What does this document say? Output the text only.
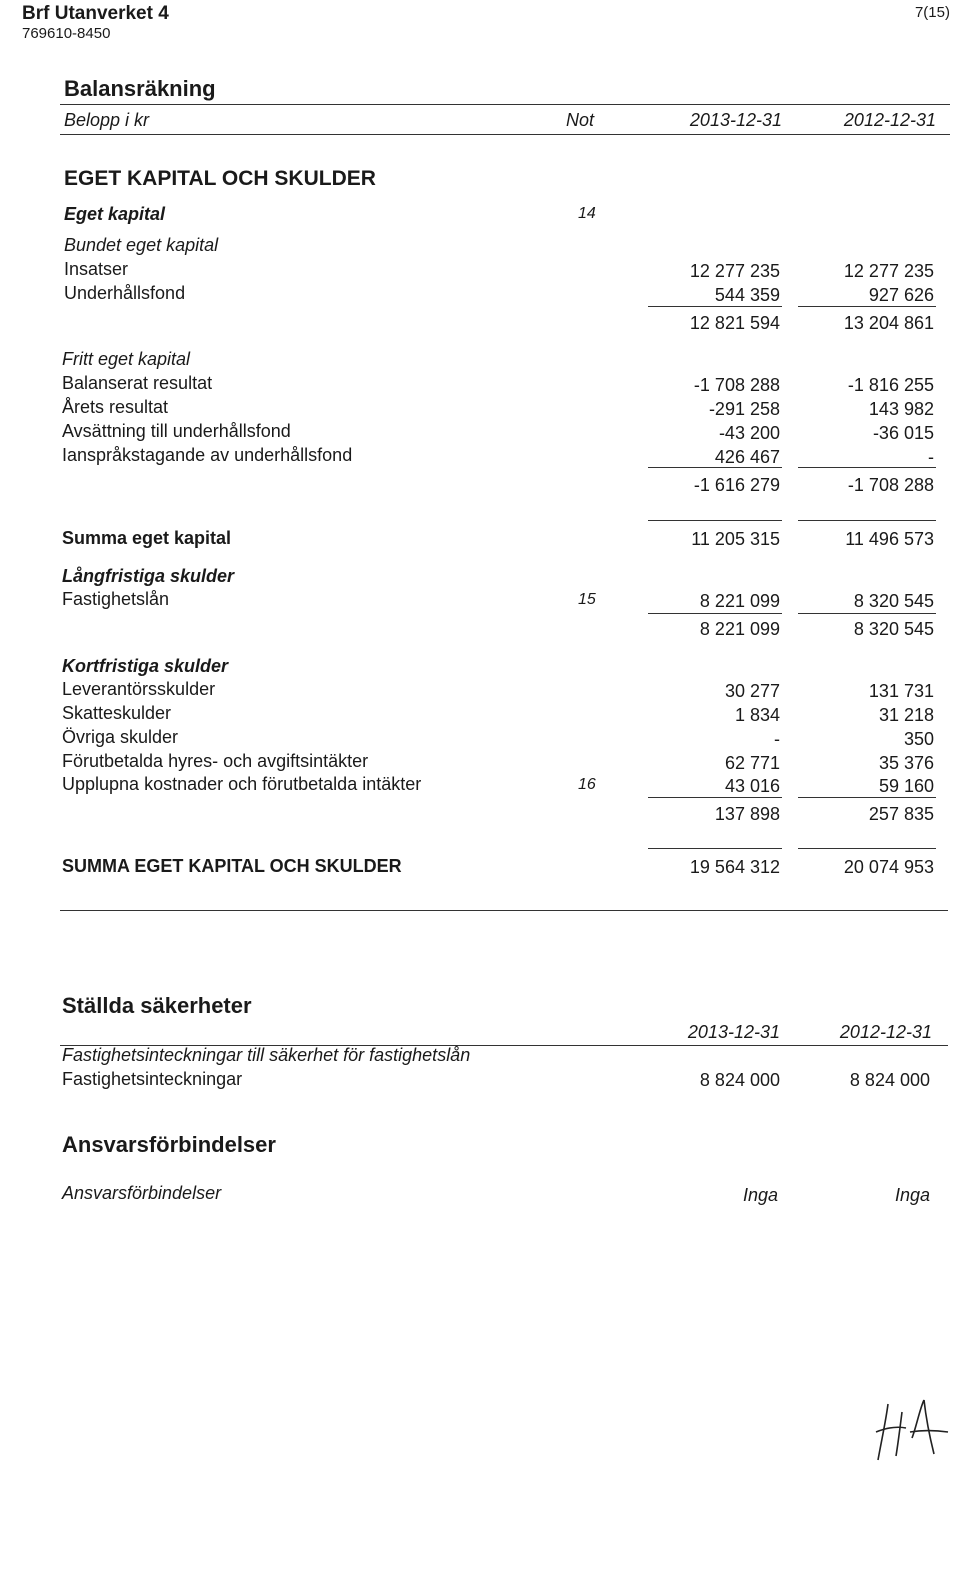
Brf Utanverket 4
769610-8450
7(15)
Balansräkning
Belopp i kr	Not	2013-12-31	2012-12-31
EGET KAPITAL OCH SKULDER
Eget kapital	14
Bundet eget kapital
Insatser	12 277 235	12 277 235
Underhållsfond	544 359	927 626
12 821 594	13 204 861
Fritt eget kapital
Balanserat resultat	-1 708 288	-1 816 255
Årets resultat	-291 258	143 982
Avsättning till underhållsfond	-43 200	-36 015
Ianspråkstagande av underhållsfond	426 467	-
-1 616 279	-1 708 288
Summa eget kapital	11 205 315	11 496 573
Långfristiga skulder
Fastighetslån	15	8 221 099	8 320 545
8 221 099	8 320 545
Kortfristiga skulder
Leverantörsskulder	30 277	131 731
Skatteskulder	1 834	31 218
Övriga skulder	-	350
Förutbetalda hyres- och avgiftsintäkter	62 771	35 376
Upplupna kostnader och förutbetalda intäkter	16	43 016	59 160
137 898	257 835
SUMMA EGET KAPITAL OCH SKULDER	19 564 312	20 074 953
Ställda säkerheter
2013-12-31	2012-12-31
Fastighetsinteckningar till säkerhet för fastighetslån
Fastighetsinteckningar	8 824 000	8 824 000
Ansvarsförbindelser
Ansvarsförbindelser	Inga	Inga
